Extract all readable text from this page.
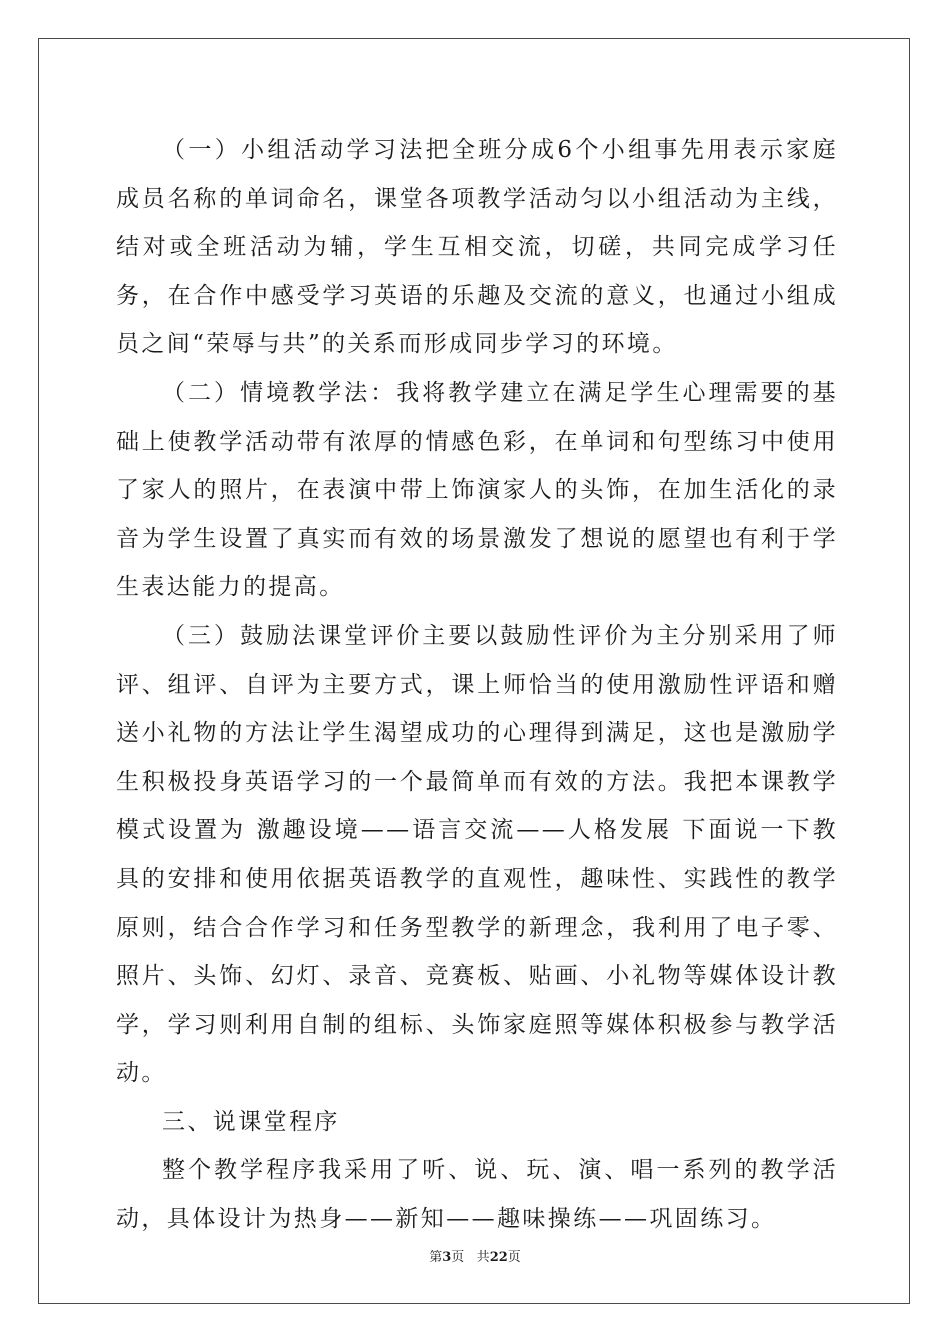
（一）小组活动学习法把全班分成6个小组事先用表示家庭成员名称的单词命名，课堂各项教学活动匀以小组活动为主线，结对或全班活动为辅，学生互相交流，切磋，共同完成学习任务，在合作中感受学习英语的乐趣及交流的意义，也通过小组成员之间“荣辱与共”的关系而形成同步学习的环境。

（二）情境教学法：我将教学建立在满足学生心理需要的基础上使教学活动带有浓厚的情感色彩，在单词和句型练习中使用了家人的照片，在表演中带上饰演家人的头饰，在加生活化的录音为学生设置了真实而有效的场景激发了想说的愿望也有利于学生表达能力的提高。

（三）鼓励法课堂评价主要以鼓励性评价为主分别采用了师评、组评、自评为主要方式，课上师恰当的使用激励性评语和赠送小礼物的方法让学生渴望成功的心理得到满足，这也是激励学生积极投身英语学习的一个最简单而有效的方法。我把本课教学模式设置为 激趣设境——语言交流——人格发展 下面说一下教具的安排和使用依据英语教学的直观性，趣味性、实践性的教学原则，结合合作学习和任务型教学的新理念，我利用了电子零、照片、头饰、幻灯、录音、竞赛板、贴画、小礼物等媒体设计教学，学习则利用自制的组标、头饰家庭照等媒体积极参与教学活动。

三、说课堂程序

整个教学程序我采用了听、说、玩、演、唱一系列的教学活动，具体设计为热身——新知——趣味操练——巩固练习。

第3页 共22页
